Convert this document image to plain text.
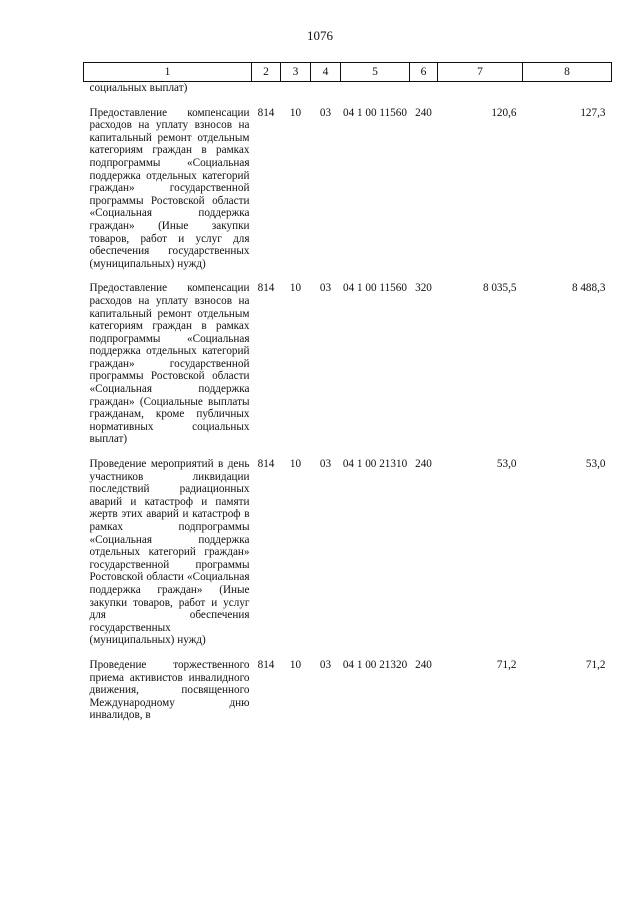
1076
1	2	3	4	5	6	7	8
социальных выплат)							
Предоставление компенсации расходов на уплату взносов на капитальный ремонт отдельным категориям граждан в рамках подпрограммы «Социальная поддержка отдельных категорий граждан» государственной программы Ростовской области «Социальная поддержка граждан» (Иные закупки товаров, работ и услуг для обеспечения государственных (муниципальных) нужд)	814	10	03	04 1 00 11560	240	120,6	127,3
Предоставление компенсации расходов на уплату взносов на капитальный ремонт отдельным категориям граждан в рамках подпрограммы «Социальная поддержка отдельных категорий граждан» государственной программы Ростовской области «Социальная поддержка граждан» (Социальные выплаты гражданам, кроме публичных нормативных социальных выплат)	814	10	03	04 1 00 11560	320	8 035,5	8 488,3
Проведение мероприятий в день участников ликвидации последствий радиационных аварий и катастроф и памяти жертв этих аварий и катастроф в рамках подпрограммы «Социальная поддержка отдельных категорий граждан» государственной программы Ростовской области «Социальная поддержка граждан» (Иные закупки товаров, работ и услуг для обеспечения государственных (муниципальных) нужд)	814	10	03	04 1 00 21310	240	53,0	53,0
Проведение торжественного приема активистов инвалидного движения, посвященного Международному дню инвалидов, в	814	10	03	04 1 00 21320	240	71,2	71,2
